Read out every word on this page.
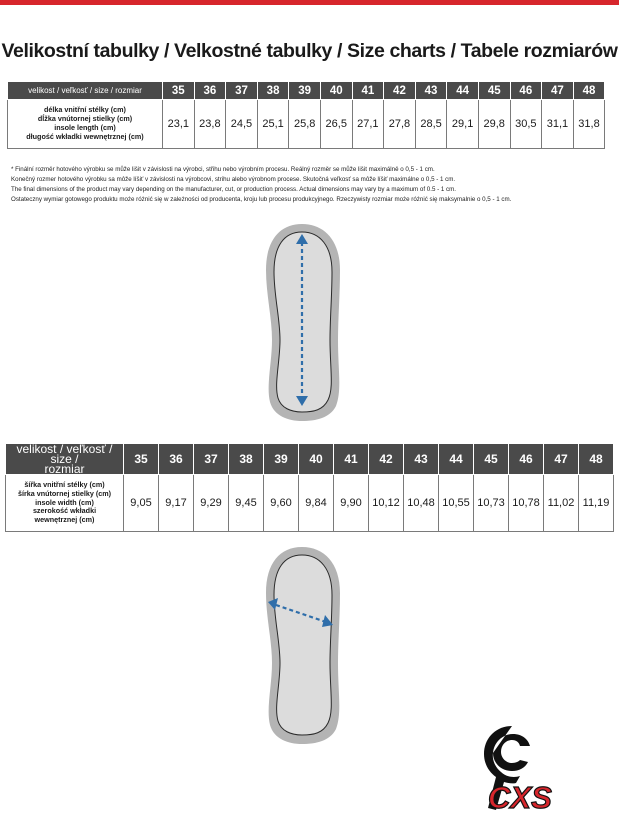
Velikostní tabulky / Velkostné tabulky / Size charts / Tabele rozmiarów
velikost / veľkosť / size / rozmiar	35	36	37	38	39	40	41	42	43	44	45	46	47	48

délka vnitřní stélky (cm)
dĺžka vnútornej stielky (cm)
insole length (cm)
długość wkładki wewnętrznej (cm)	23,1	23,8	24,5	25,1	25,8	26,5	27,1	27,8	28,5	29,1	29,8	30,5	31,1	31,8
* Finální rozměr hotového výrobku se může lišit v závislosti na výrobci, střihu nebo výrobním procesu. Reálný rozměr se může lišit maximálně o 0,5 - 1 cm.
Konečný rozmer hotového výrobku sa môže líšiť v závislosti na výrobcovi, strihu alebo výrobnom procese. Skutočná veľkosť sa môže líšiť maximálne o 0,5 - 1 cm.
The final dimensions of the product may vary depending on the manufacturer, cut, or production process. Actual dimensions may vary by a maximum of 0.5 - 1 cm.
Ostateczny wymiar gotowego produktu może różnić się w zależności od producenta, kroju lub procesu produkcyjnego. Rzeczywisty rozmiar może różnić się maksymalnie o 0,5 - 1 cm.
velikost / veľkosť / size /
rozmiar	35	36	37	38	39	40	41	42	43	44	45	46	47	48

šířka vnitřní stélky (cm)
šírka vnútornej stielky (cm)
insole width (cm)
szerokość wkładki
wewnętrznej (cm)	9,05	9,17	9,29	9,45	9,60	9,84	9,90	10,12	10,48	10,55	10,73	10,78	11,02	11,19
CXS
